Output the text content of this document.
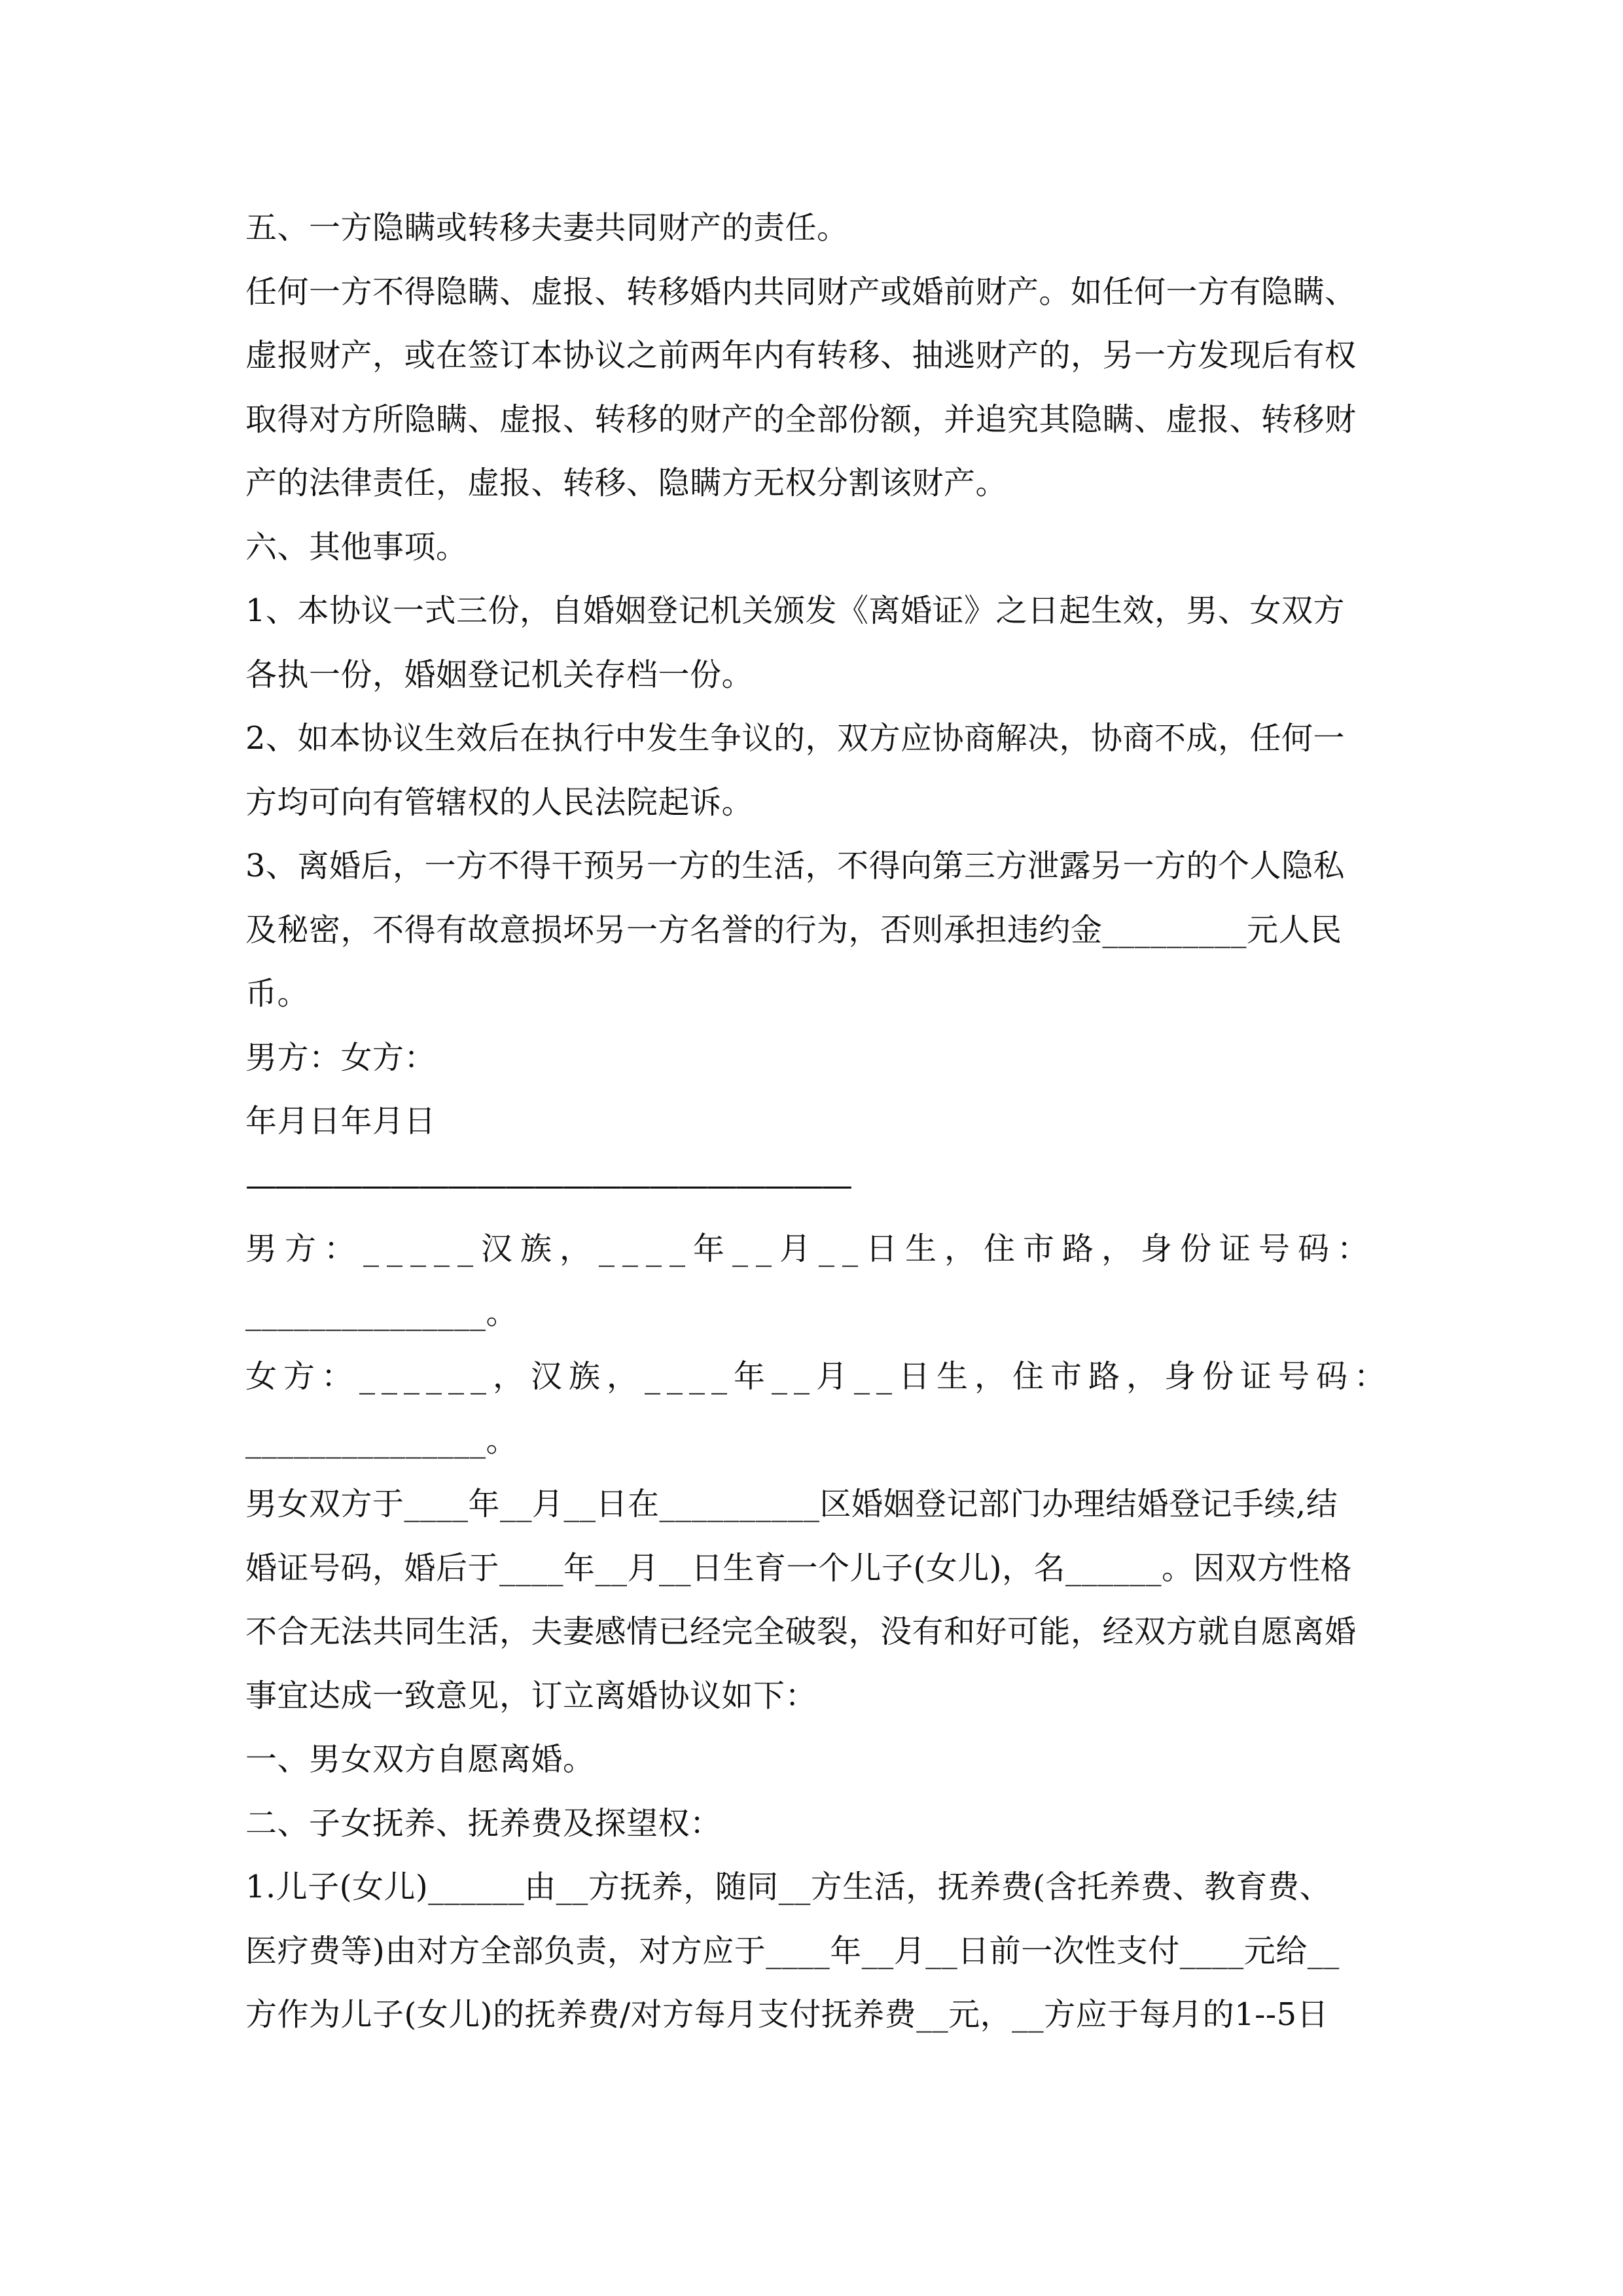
五、一方隐瞒或转移夫妻共同财产的责任。
任何一方不得隐瞒、虚报、转移婚内共同财产或婚前财产。如任何一方有隐瞒、
虚报财产，或在签订本协议之前两年内有转移、抽逃财产的，另一方发现后有权
取得对方所隐瞒、虚报、转移的财产的全部份额，并追究其隐瞒、虚报、转移财
产的法律责任，虚报、转移、隐瞒方无权分割该财产。
六、其他事项。
1、本协议一式三份，自婚姻登记机关颁发《离婚证》之日起生效，男、女双方
各执一份，婚姻登记机关存档一份。
2、如本协议生效后在执行中发生争议的，双方应协商解决，协商不成，任何一
方均可向有管辖权的人民法院起诉。
3、离婚后，一方不得干预另一方的生活，不得向第三方泄露另一方的个人隐私
及秘密，不得有故意损坏另一方名誉的行为，否则承担违约金_________元人民
币。
男方：女方：
年月日年月日
—————————————————————
男方：_____汉族，____年__月__日生，住市路，身份证号码：
_______________。
女方：______，汉族，____年__月__日生，住市路，身份证号码：
_______________。
男女双方于____年__月__日在__________区婚姻登记部门办理结婚登记手续,结
婚证号码，婚后于____年__月__日生育一个儿子(女儿)，名______。因双方性格
不合无法共同生活，夫妻感情已经完全破裂，没有和好可能，经双方就自愿离婚
事宜达成一致意见，订立离婚协议如下：
一、男女双方自愿离婚。
二、子女抚养、抚养费及探望权：
1.儿子(女儿)______由__方抚养，随同__方生活，抚养费(含托养费、教育费、
医疗费等)由对方全部负责，对方应于____年__月__日前一次性支付____元给__
方作为儿子(女儿)的抚养费/对方每月支付抚养费__元，__方应于每月的1--5日
